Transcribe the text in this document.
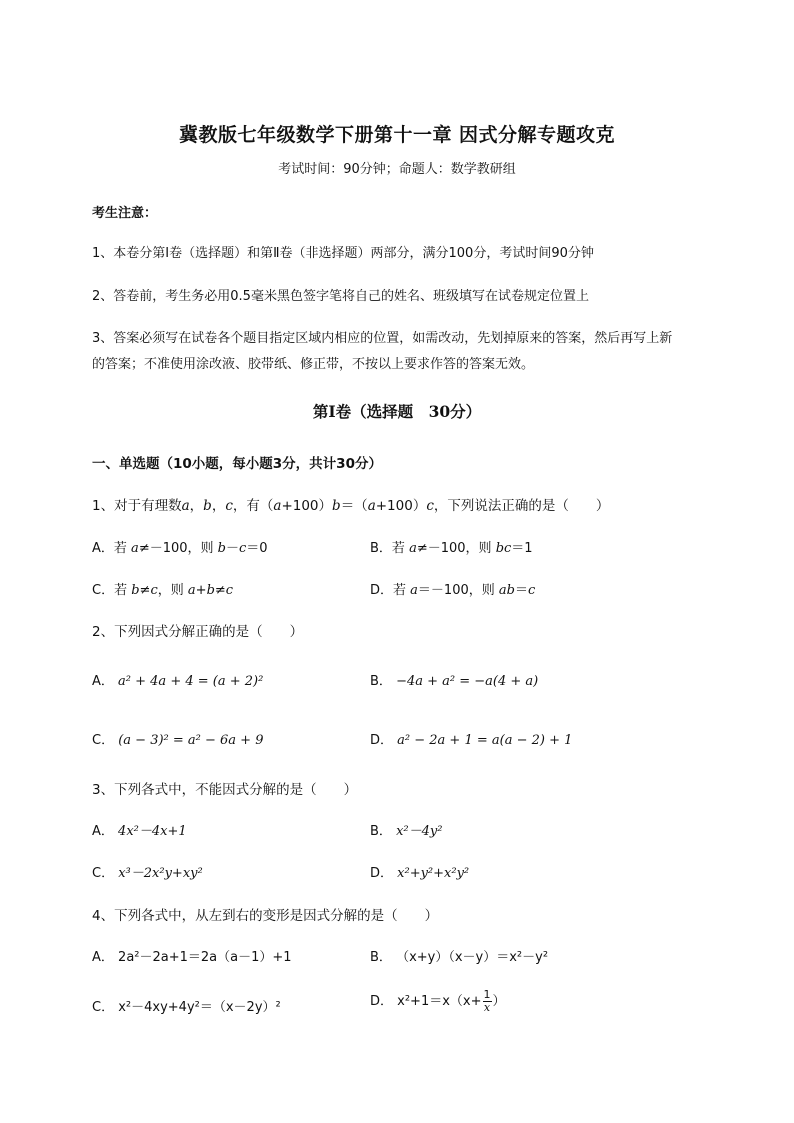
冀教版七年级数学下册第十一章 因式分解专题攻克
考试时间：90分钟；命题人：数学教研组
考生注意：
1、本卷分第I卷（选择题）和第Ⅱ卷（非选择题）两部分，满分100分，考试时间90分钟
2、答卷前，考生务必用0.5毫米黑色签字笔将自己的姓名、班级填写在试卷规定位置上
3、答案必须写在试卷各个题目指定区域内相应的位置，如需改动，先划掉原来的答案，然后再写上新
的答案；不准使用涂改液、胶带纸、修正带，不按以上要求作答的答案无效。
第I卷（选择题　30分）
一、单选题（10小题，每小题3分，共计30分）
1、对于有理数a，b，c，有（a+100）b＝（a+100）c，下列说法正确的是（　　）
A．若 a≠－100，则 b－c＝0	B．若 a≠－100，则 bc＝1
C．若 b≠c，则 a+b≠c	D．若 a＝－100，则 ab＝c
2、下列因式分解正确的是（　　）
A． a² + 4a + 4 = (a + 2)²	B． −4a + a² = −a(4 + a)
C． (a − 3)² = a² − 6a + 9	D． a² − 2a + 1 = a(a − 2) + 1
3、下列各式中，不能因式分解的是（　　）
A． 4x²－4x+1	B． x²－4y²
C． x³－2x²y+xy²	D． x²+y²+x²y²
4、下列各式中，从左到右的变形是因式分解的是（　　）
A． 2a²－2a+1＝2a（a－1）+1	B． （x+y）（x－y）＝x²－y²
C． x²－4xy+4y²＝（x－2y）²	D． $x^2+1=x(x+ \frac{1}{x}$ ）
